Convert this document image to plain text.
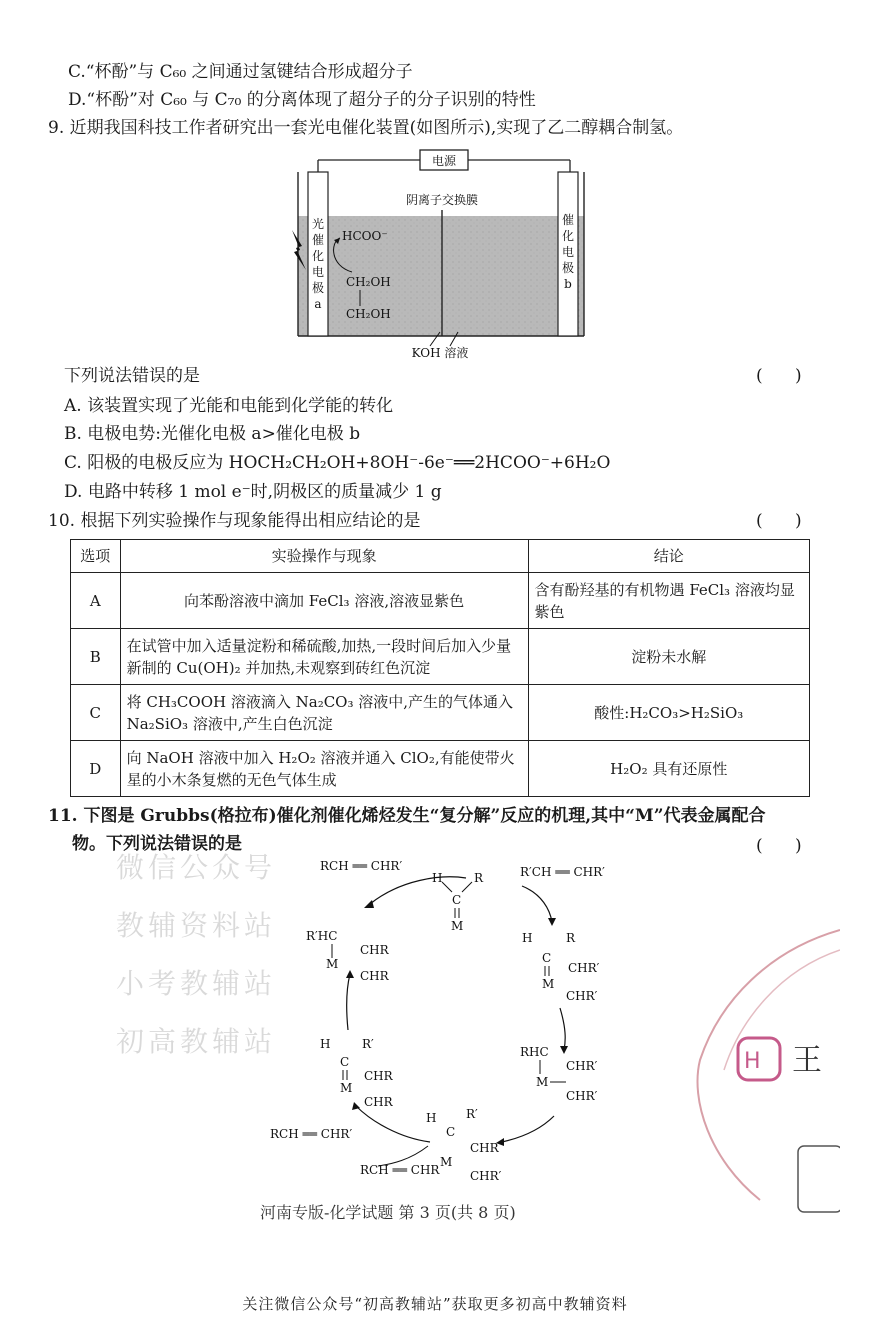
C.“杯酚”与 C₆₀ 之间通过氢键结合形成超分子
D.“杯酚”对 C₆₀ 与 C₇₀ 的分离体现了超分子的分子识别的特性
9. 近期我国科技工作者研究出一套光电催化装置(如图所示),实现了乙二醇耦合制氢。
电源
光
催
化
电
极
a
催
化
电
极
b
阴离子交换膜
HCOO⁻
CH₂OH
CH₂OH
KOH 溶液
下列说法错误的是	(      )
A. 该装置实现了光能和电能到化学能的转化
B. 电极电势:光催化电极 a>催化电极 b
C. 阳极的电极反应为 HOCH₂CH₂OH+8OH⁻-6e⁻══2HCOO⁻+6H₂O
D. 电路中转移 1 mol e⁻时,阴极区的质量减少 1 g
10. 根据下列实验操作与现象能得出相应结论的是	(      )
选项	实验操作与现象	结论
A	向苯酚溶液中滴加 FeCl₃ 溶液,溶液显紫色	含有酚羟基的有机物遇 FeCl₃ 溶液均显紫色
B	在试管中加入适量淀粉和稀硫酸,加热,一段时间后加入少量新制的 Cu(OH)₂ 并加热,未观察到砖红色沉淀	淀粉未水解
C	将 CH₃COOH 溶液滴入 Na₂CO₃ 溶液中,产生的气体通入 Na₂SiO₃ 溶液中,产生白色沉淀	酸性:H₂CO₃>H₂SiO₃
D	向 NaOH 溶液中加入 H₂O₂ 溶液并通入 ClO₂,有能使带火星的小木条复燃的无色气体生成	H₂O₂ 具有还原性
11. 下图是 Grubbs(格拉布)催化剂催化烯烃发生“复分解”反应的机理,其中“M”代表金属配合
物。下列说法错误的是	(      )
微信公众号
教辅资料站
小考教辅站
初高教辅站
H	R
C
M
R′CH ══ CHR′
RCH ══ CHR′
H	R
C
M
CHR′
CHR′
RHC
CHR′
M
CHR′
H R′
C
CHR
M
CHR′
RCH ══ CHR
RCH ══ CHR′
H	R′
C
M
CHR
CHR
R′HC
CHR
M
CHR
H 王
河南专版-化学试题 第 3 页(共 8 页)
关注微信公众号“初高教辅站”获取更多初高中教辅资料
